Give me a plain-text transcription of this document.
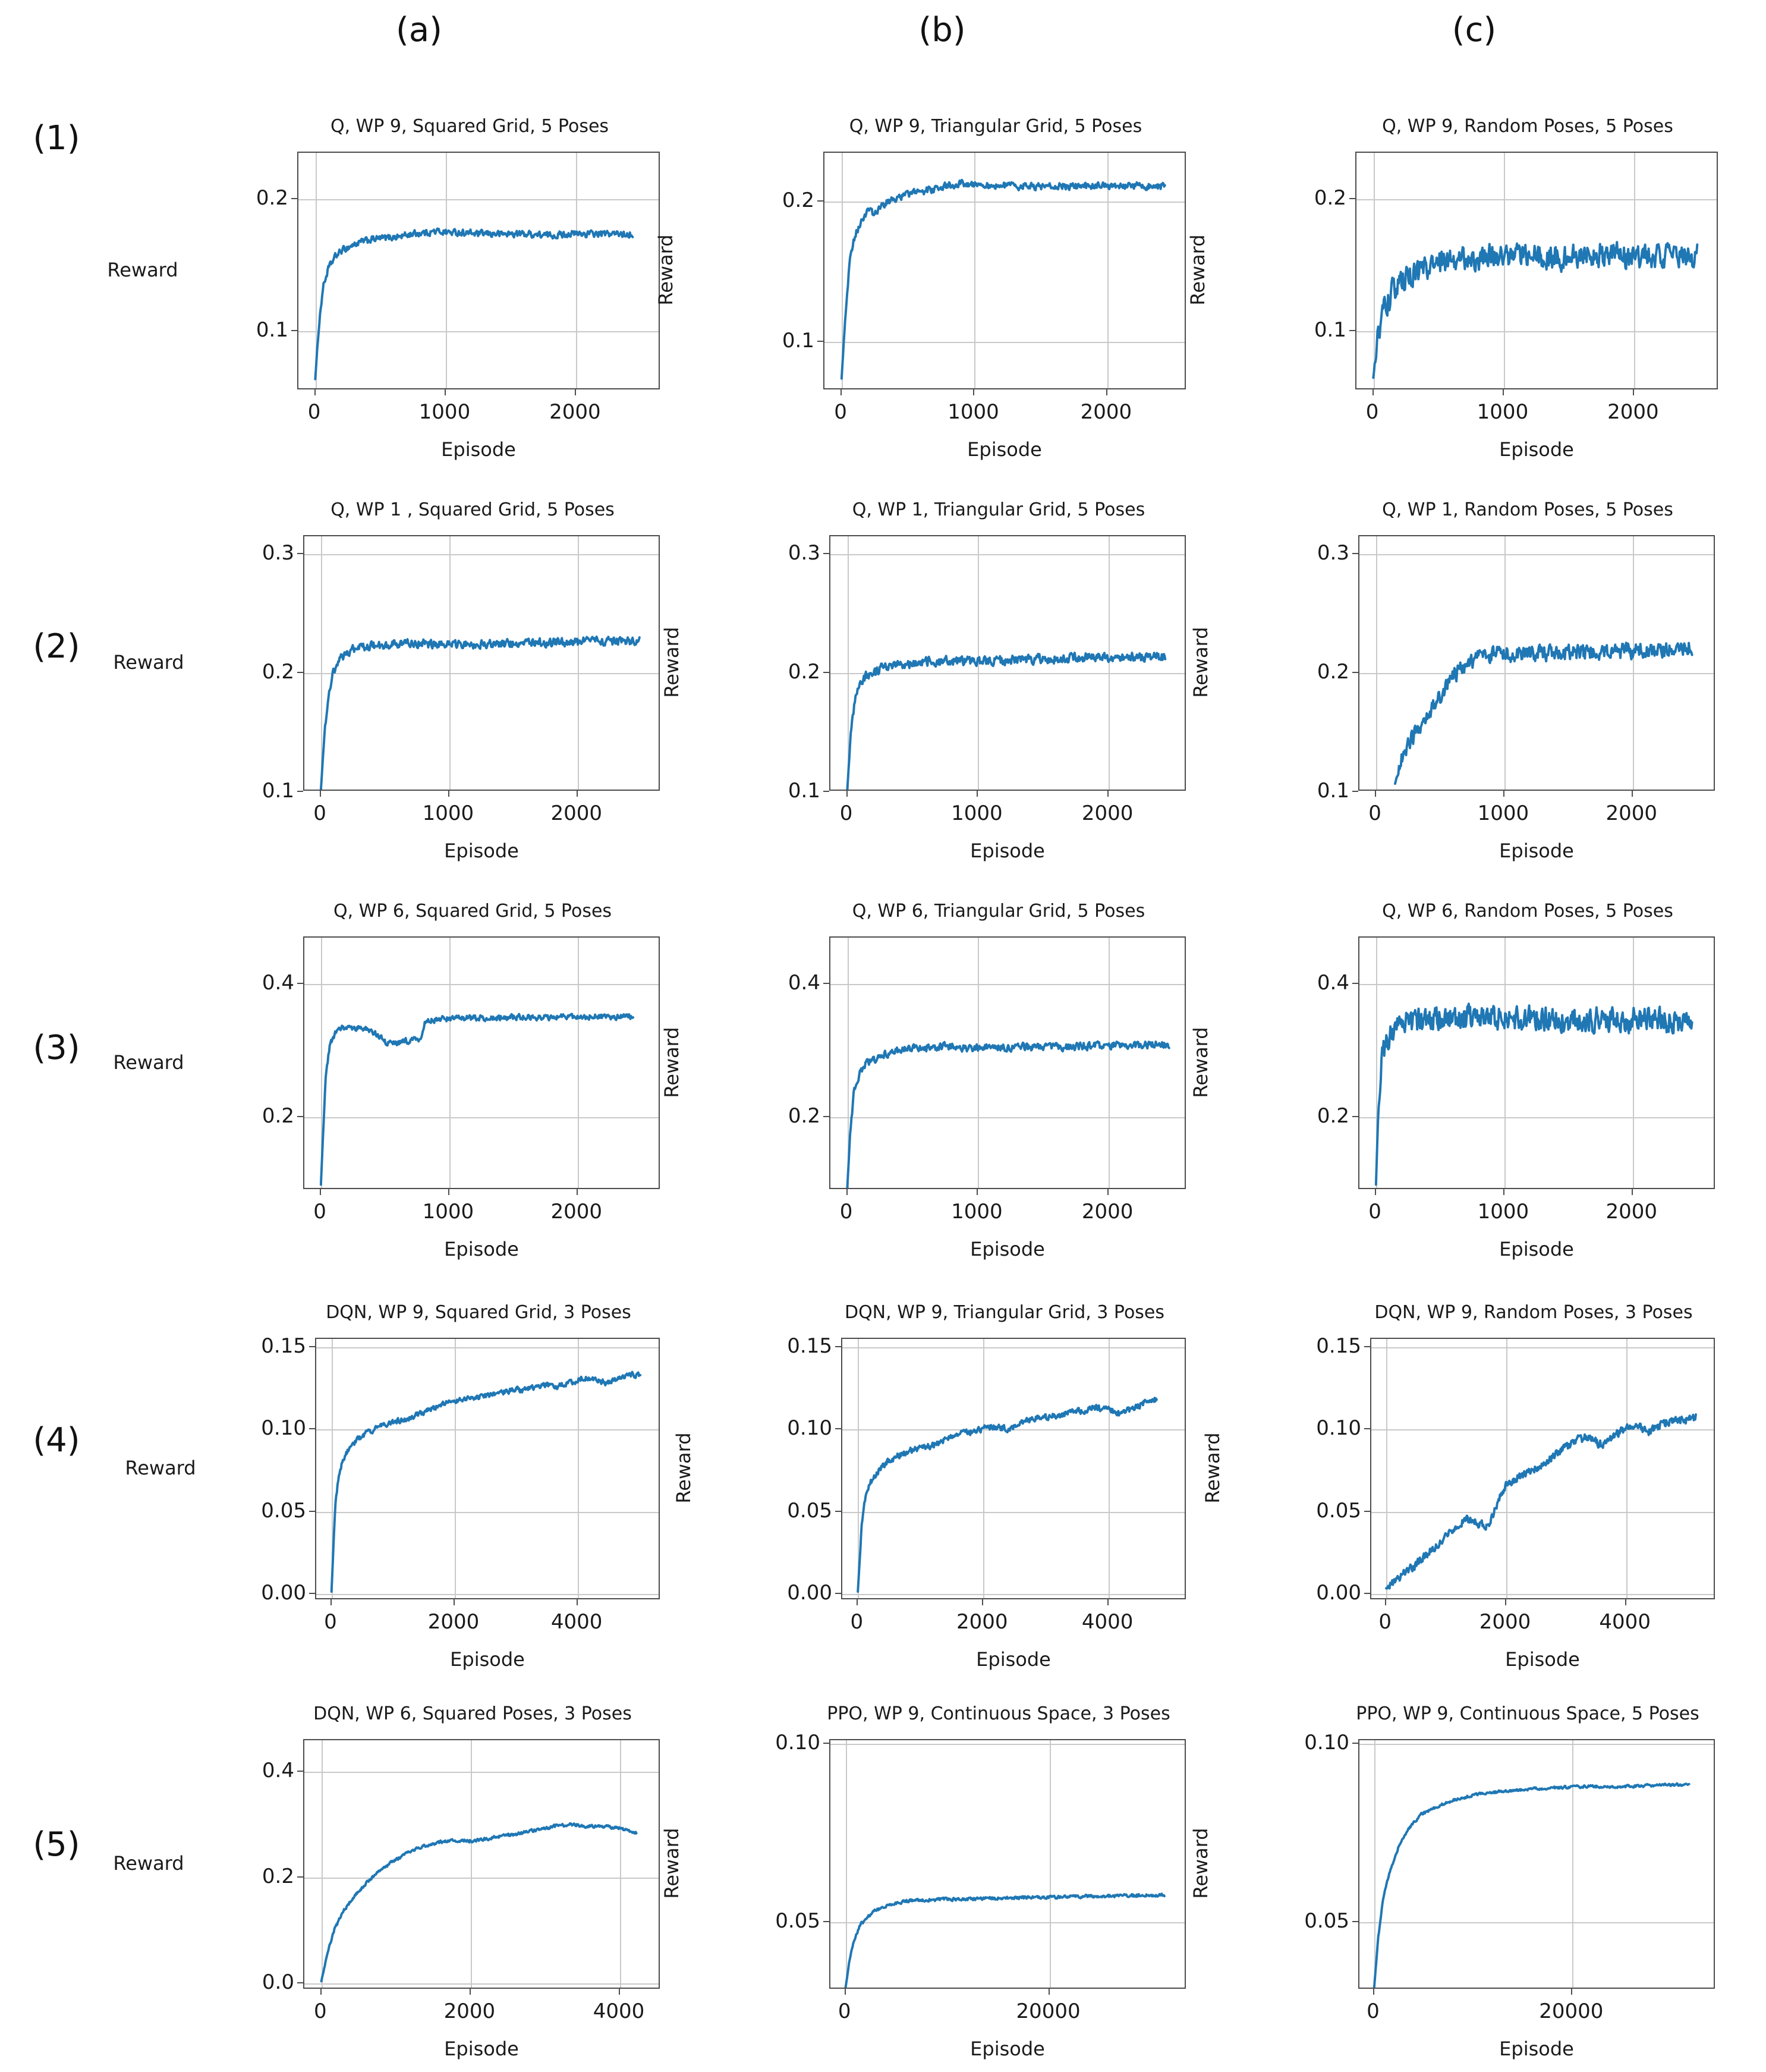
(a)	(b)	(c)
(1)
(2)
(3)
(4)
(5)
Q, WP 9, Squared Grid, 5 Poses
0	1000	2000
0.1
0.2
Episode
Reward
Q, WP 9, Triangular Grid, 5 Poses
0	1000	2000
0.1
0.2
Episode
Reward
Q, WP 9, Random Poses, 5 Poses
0	1000	2000
0.1
0.2
Episode
Reward
Q, WP 1 , Squared Grid, 5 Poses
0	1000	2000
0.1
0.2
0.3
Episode
Reward
Q, WP 1, Triangular Grid, 5 Poses
0	1000	2000
0.1
0.2
0.3
Episode
Reward
Q, WP 1, Random Poses, 5 Poses
0	1000	2000
0.1
0.2
0.3
Episode
Reward
Q, WP 6, Squared Grid, 5 Poses
0	1000	2000
0.2
0.4
Episode
Reward
Q, WP 6, Triangular Grid, 5 Poses
0	1000	2000
0.2
0.4
Episode
Reward
Q, WP 6, Random Poses, 5 Poses
0	1000	2000
0.2
0.4
Episode
Reward
DQN, WP 9, Squared Grid, 3 Poses
0	2000	4000
0.00
0.05
0.10
0.15
Episode
Reward
DQN, WP 9, Triangular Grid, 3 Poses
0	2000	4000
0.00
0.05
0.10
0.15
Episode
Reward
DQN, WP 9, Random Poses, 3 Poses
0	2000	4000
0.00
0.05
0.10
0.15
Episode
Reward
DQN, WP 6, Squared Poses, 3 Poses
0	2000	4000
0.0
0.2
0.4
Episode
Reward
PPO, WP 9, Continuous Space, 3 Poses
0	20000
0.05
0.10
Episode
Reward
PPO, WP 9, Continuous Space, 5 Poses
0	20000
0.05
0.10
Episode
Reward
